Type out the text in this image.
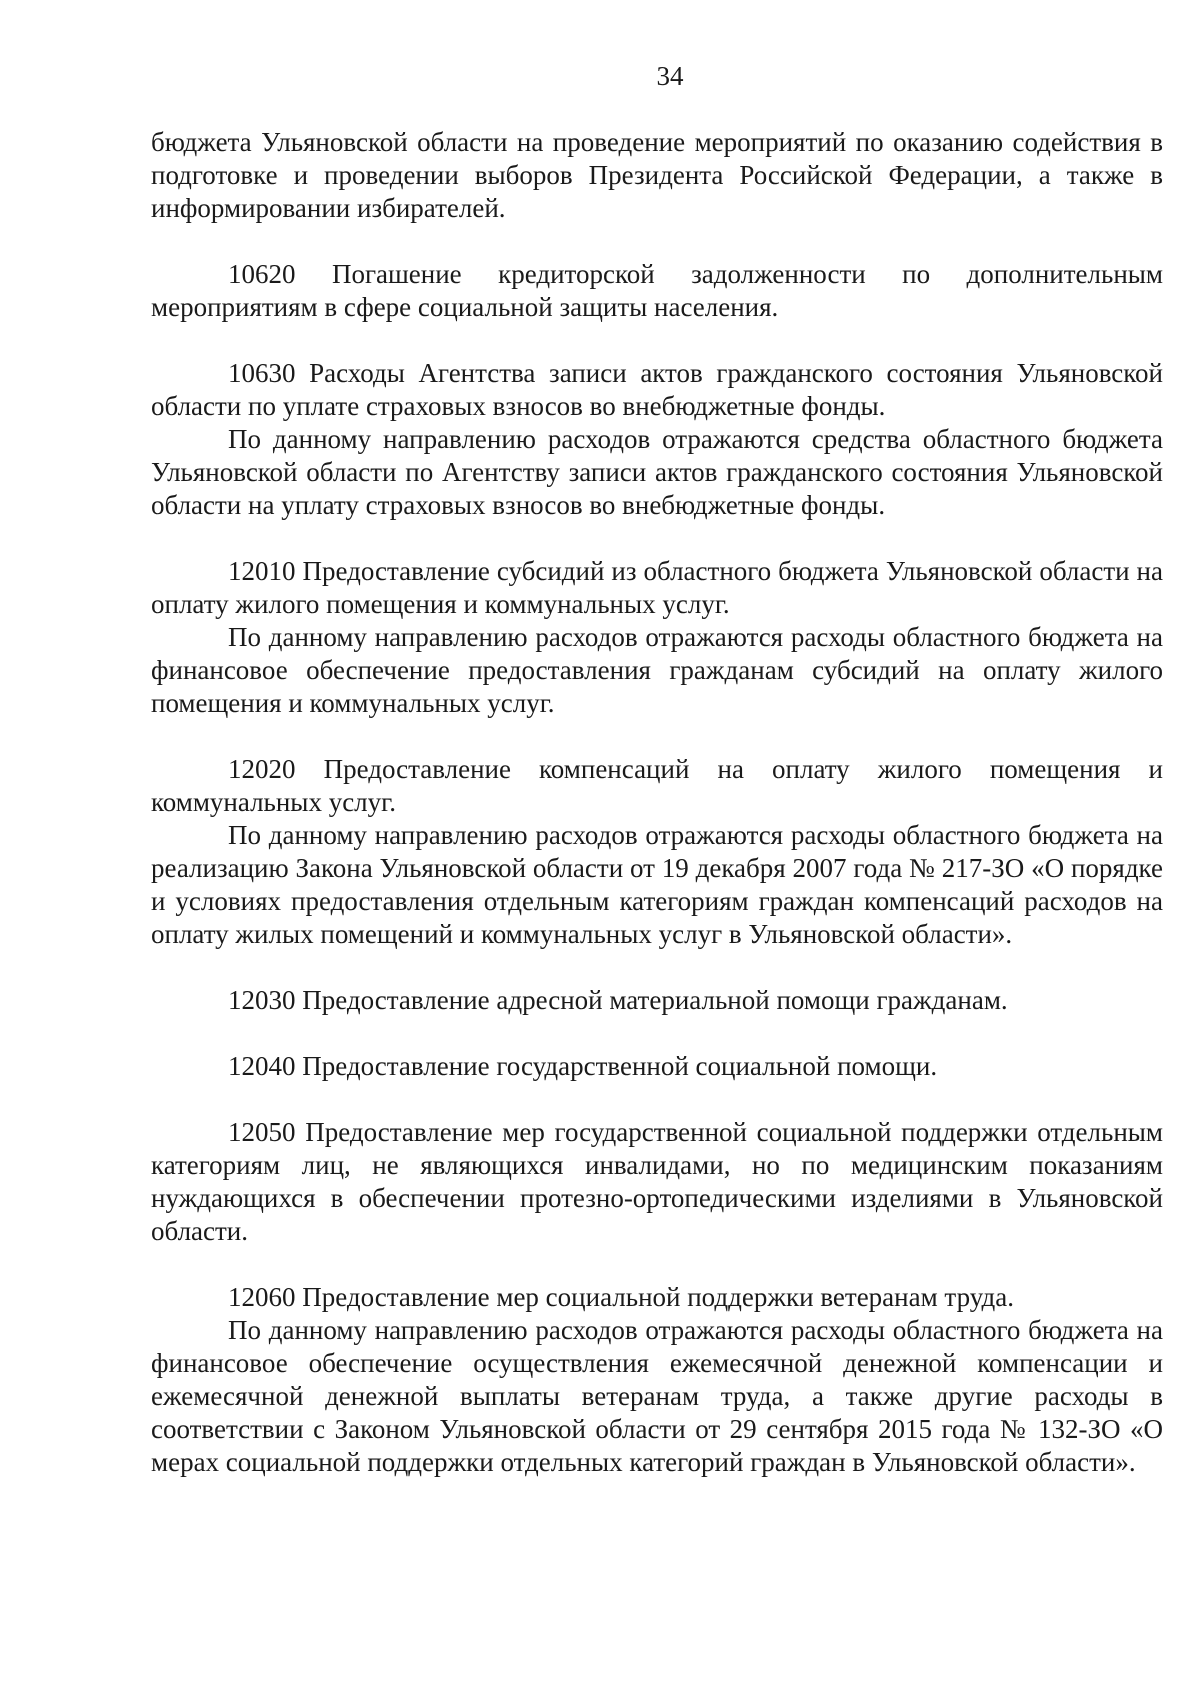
34

бюджета Ульяновской области на проведение мероприятий по оказанию содействия в подготовке и проведении выборов Президента Российской Федерации, а также в информировании избирателей.

10620 Погашение кредиторской задолженности по дополнительным мероприятиям в сфере социальной защиты населения.

10630 Расходы Агентства записи актов гражданского состояния Ульяновской области по уплате страховых взносов во внебюджетные фонды.

По данному направлению расходов отражаются средства областного бюджета Ульяновской области по Агентству записи актов гражданского состояния Ульяновской области на уплату страховых взносов во внебюджетные фонды.

12010 Предоставление субсидий из областного бюджета Ульяновской области на оплату жилого помещения и коммунальных услуг.

По данному направлению расходов отражаются расходы областного бюджета на финансовое обеспечение предоставления гражданам субсидий на оплату жилого помещения и коммунальных услуг.

12020 Предоставление компенсаций на оплату жилого помещения и коммунальных услуг.

По данному направлению расходов отражаются расходы областного бюджета на реализацию Закона Ульяновской области от 19 декабря 2007 года № 217-ЗО «О порядке и условиях предоставления отдельным категориям граждан компенсаций расходов на оплату жилых помещений и коммунальных услуг в Ульяновской области».

12030 Предоставление адресной материальной помощи гражданам.

12040 Предоставление государственной социальной помощи.

12050 Предоставление мер государственной социальной поддержки отдельным категориям лиц, не являющихся инвалидами, но по медицинским показаниям нуждающихся в обеспечении протезно-ортопедическими изделиями в Ульяновской области.

12060 Предоставление мер социальной поддержки ветеранам труда.

По данному направлению расходов отражаются расходы областного бюджета на финансовое обеспечение осуществления ежемесячной денежной компенсации и ежемесячной денежной выплаты ветеранам труда, а также другие расходы в соответствии с Законом Ульяновской области от 29 сентября 2015 года № 132-ЗО «О мерах социальной поддержки отдельных категорий граждан в Ульяновской области».
